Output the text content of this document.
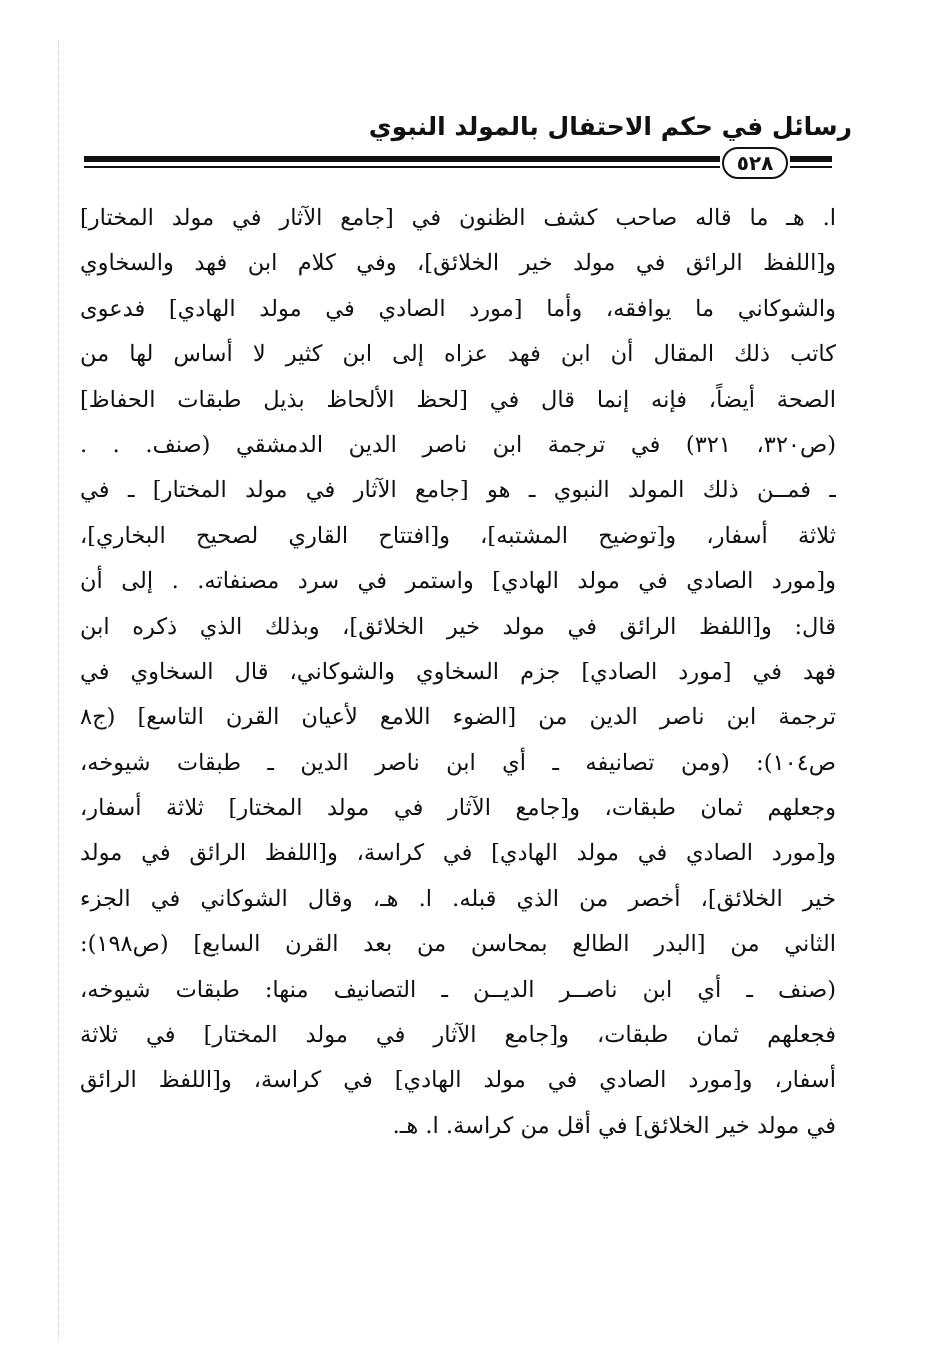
رسائل في حكم الاحتفال بالمولد النبوي
٥٢٨
ا. هـ ما قاله صاحب كشف الظنون في [جامع الآثار في مولد المختار]
و[اللفظ الرائق في مولد خير الخلائق]، وفي كلام ابن فهد والسخاوي
والشوكاني ما يوافقه، وأما [مورد الصادي في مولد الهادي] فدعوى
كاتب ذلك المقال أن ابن فهد عزاه إلى ابن كثير لا أساس لها من
الصحة أيضاً، فإنه إنما قال في [لحظ الألحاظ بذيل طبقات الحفاظ]
(ص٣٢٠، ٣٢١) في ترجمة ابن ناصر الدين الدمشقي (صنف. . .
ـ فمــن ذلك المولد النبوي ـ هو [جامع الآثار في مولد المختار] ـ في
ثلاثة أسفار، و[توضيح المشتبه]، و[افتتاح القاري لصحيح البخاري]،
و[مورد الصادي في مولد الهادي] واستمر في سرد مصنفاته. . إلى أن
قال: و[اللفظ الرائق في مولد خير الخلائق]، وبذلك الذي ذكره ابن
فهد في [مورد الصادي] جزم السخاوي والشوكاني، قال السخاوي في
ترجمة ابن ناصر الدين من [الضوء اللامع لأعيان القرن التاسع] (ج٨
ص١٠٤): (ومن تصانيفه ـ أي ابن ناصر الدين ـ طبقات شيوخه،
وجعلهم ثمان طبقات، و[جامع الآثار في مولد المختار] ثلاثة أسفار،
و[مورد الصادي في مولد الهادي] في كراسة، و[اللفظ الرائق في مولد
خير الخلائق]، أخصر من الذي قبله. ا. هـ، وقال الشوكاني في الجزء
الثاني من [البدر الطالع بمحاسن من بعد القرن السابع] (ص١٩٨):
(صنف ـ أي ابن ناصــر الديــن ـ التصانيف منها: طبقات شيوخه،
فجعلهم ثمان طبقات، و[جامع الآثار في مولد المختار] في ثلاثة
أسفار، و[مورد الصادي في مولد الهادي] في كراسة، و[اللفظ الرائق
في مولد خير الخلائق] في أقل من كراسة. ا. هـ.
